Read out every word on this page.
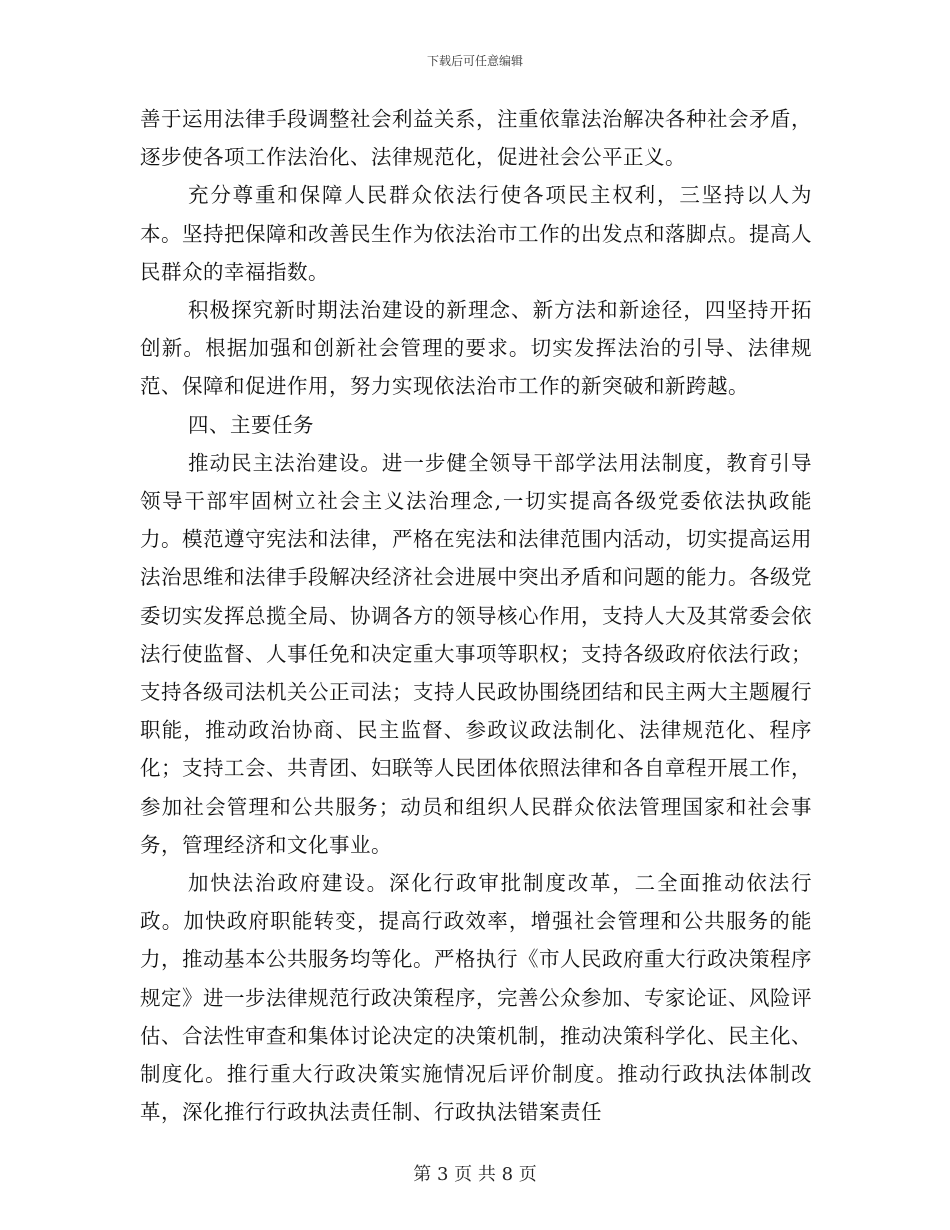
下载后可任意编辑

善于运用法律手段调整社会利益关系，注重依靠法治解决各种社会矛盾，逐步使各项工作法治化、法律规范化，促进社会公平正义。

充分尊重和保障人民群众依法行使各项民主权利，三坚持以人为本。坚持把保障和改善民生作为依法治市工作的出发点和落脚点。提高人民群众的幸福指数。

积极探究新时期法治建设的新理念、新方法和新途径，四坚持开拓创新。根据加强和创新社会管理的要求。切实发挥法治的引导、法律规范、保障和促进作用，努力实现依法治市工作的新突破和新跨越。

四、主要任务

推动民主法治建设。进一步健全领导干部学法用法制度，教育引导领导干部牢固树立社会主义法治理念,一切实提高各级党委依法执政能力。模范遵守宪法和法律，严格在宪法和法律范围内活动，切实提高运用法治思维和法律手段解决经济社会进展中突出矛盾和问题的能力。各级党委切实发挥总揽全局、协调各方的领导核心作用，支持人大及其常委会依法行使监督、人事任免和决定重大事项等职权；支持各级政府依法行政；支持各级司法机关公正司法；支持人民政协围绕团结和民主两大主题履行职能，推动政治协商、民主监督、参政议政法制化、法律规范化、程序化；支持工会、共青团、妇联等人民团体依照法律和各自章程开展工作，参加社会管理和公共服务；动员和组织人民群众依法管理国家和社会事务，管理经济和文化事业。

加快法治政府建设。深化行政审批制度改革，二全面推动依法行政。加快政府职能转变，提高行政效率，增强社会管理和公共服务的能力，推动基本公共服务均等化。严格执行《市人民政府重大行政决策程序规定》进一步法律规范行政决策程序，完善公众参加、专家论证、风险评估、合法性审查和集体讨论决定的决策机制，推动决策科学化、民主化、制度化。推行重大行政决策实施情况后评价制度。推动行政执法体制改革，深化推行行政执法责任制、行政执法错案责任

第 3 页 共 8 页
